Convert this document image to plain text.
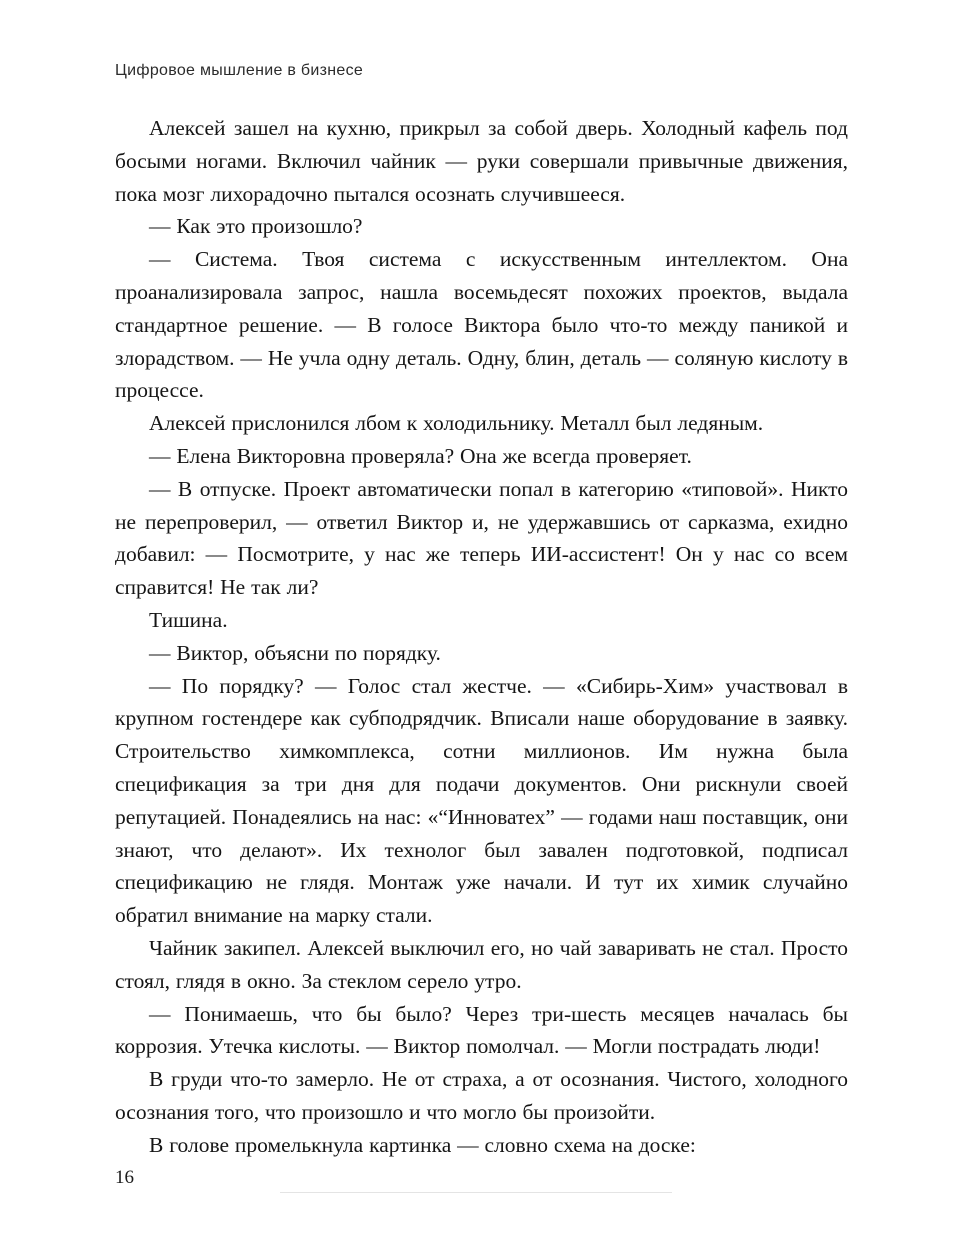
Цифровое мышление в бизнесе

Алексей зашел на кухню, прикрыл за собой дверь. Холодный кафель под босыми ногами. Включил чайник — руки совершали привычные движения, пока мозг лихорадочно пытался осознать случившееся.

— Как это произошло?

— Система. Твоя система с искусственным интеллектом. Она проанализировала запрос, нашла восемьдесят похожих проектов, выдала стандартное решение. — В голосе Виктора было что-то между паникой и злорадством. — Не учла одну деталь. Одну, блин, деталь — соляную кислоту в процессе.

Алексей прислонился лбом к холодильнику. Металл был ледяным.

— Елена Викторовна проверяла? Она же всегда проверяет.

— В отпуске. Проект автоматически попал в категорию «типовой». Никто не перепроверил, — ответил Виктор и, не удержавшись от сарказма, ехидно добавил: — Посмотрите, у нас же теперь ИИ-ассистент! Он у нас со всем справится! Не так ли?

Тишина.

— Виктор, объясни по порядку.

— По порядку? — Голос стал жестче. — «Сибирь-Хим» участвовал в крупном гостендере как субподрядчик. Вписали наше оборудование в заявку. Строительство химкомплекса, сотни миллионов. Им нужна была спецификация за три дня для подачи документов. Они рискнули своей репутацией. Понадеялись на нас: «“Инноватех” — годами наш поставщик, они знают, что делают». Их технолог был завален подготовкой, подписал спецификацию не глядя. Монтаж уже начали. И тут их химик случайно обратил внимание на марку стали.

Чайник закипел. Алексей выключил его, но чай заваривать не стал. Просто стоял, глядя в окно. За стеклом серело утро.

— Понимаешь, что бы было? Через три-шесть месяцев началась бы коррозия. Утечка кислоты. — Виктор помолчал. — Могли пострадать люди!

В груди что-то замерло. Не от страха, а от осознания. Чистого, холодного осознания того, что произошло и что могло бы произойти.

В голове промелькнула картинка — словно схема на доске:

16
